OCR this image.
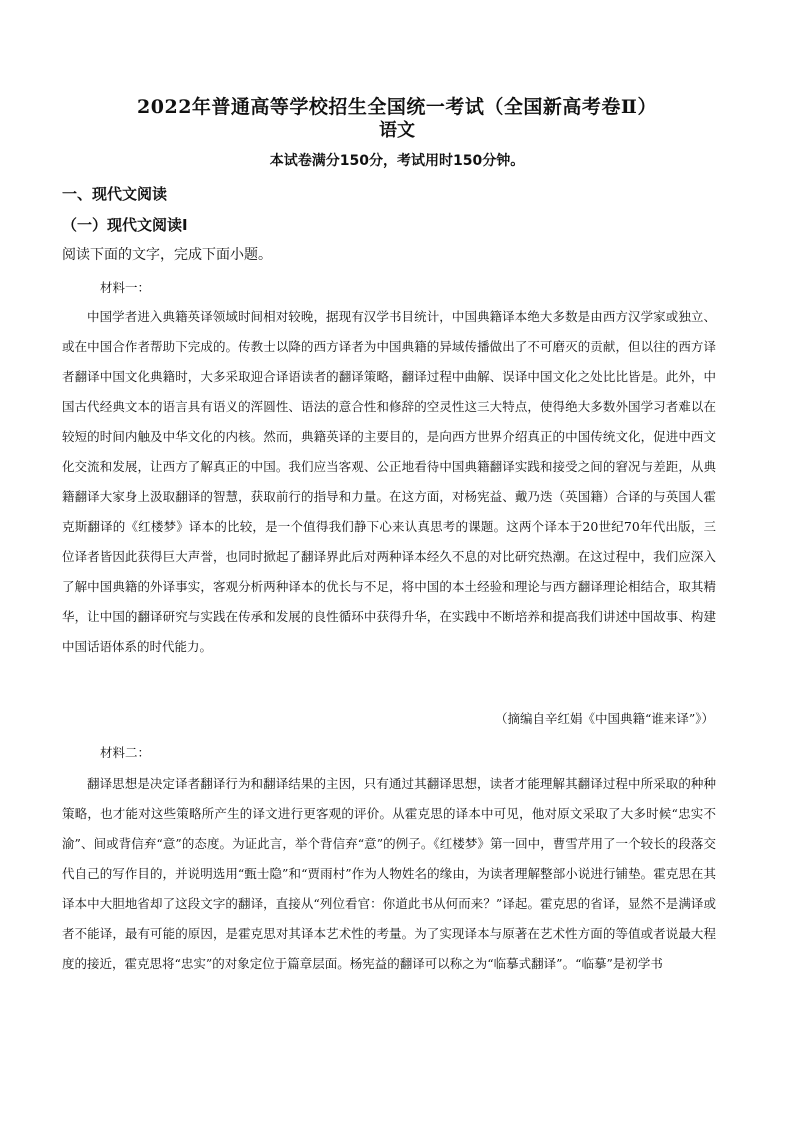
2022年普通高等学校招生全国统一考试（全国新高考卷Ⅱ）
语文
本试卷满分150分，考试用时150分钟。
一、现代文阅读
（一）现代文阅读Ⅰ
阅读下面的文字，完成下面小题。
材料一：

中国学者进入典籍英译领域时间相对较晚，据现有汉学书目统计，中国典籍译本绝大多数是由西方汉学家或独立、或在中国合作者帮助下完成的。传教士以降的西方译者为中国典籍的异域传播做出了不可磨灭的贡献，但以往的西方译者翻译中国文化典籍时，大多采取迎合译语读者的翻译策略，翻译过程中曲解、误译中国文化之处比比皆是。此外，中国古代经典文本的语言具有语义的浑圆性、语法的意合性和修辞的空灵性这三大特点，使得绝大多数外国学习者难以在较短的时间内触及中华文化的内核。然而，典籍英译的主要目的，是向西方世界介绍真正的中国传统文化，促进中西文化交流和发展，让西方了解真正的中国。我们应当客观、公正地看待中国典籍翻译实践和接受之间的窘况与差距，从典籍翻译大家身上汲取翻译的智慧，获取前行的指导和力量。在这方面，对杨宪益、戴乃迭（英国籍）合译的与英国人霍克斯翻译的《红楼梦》译本的比较，是一个值得我们静下心来认真思考的课题。这两个译本于20世纪70年代出版，三位译者皆因此获得巨大声誉，也同时掀起了翻译界此后对两种译本经久不息的对比研究热潮。在这过程中，我们应深入了解中国典籍的外译事实，客观分析两种译本的优长与不足，将中国的本土经验和理论与西方翻译理论相结合，取其精华，让中国的翻译研究与实践在传承和发展的良性循环中获得升华，在实践中不断培养和提高我们讲述中国故事、构建中国话语体系的时代能力。

（摘编自辛红娟《中国典籍“谁来译”》）
材料二：

翻译思想是决定译者翻译行为和翻译结果的主因，只有通过其翻译思想，读者才能理解其翻译过程中所采取的种种策略，也才能对这些策略所产生的译文进行更客观的评价。从霍克思的译本中可见，他对原文采取了大多时候“忠实不渝”、间或背信弃“意”的态度。为证此言，举个背信弃“意”的例子。《红楼梦》第一回中，曹雪芹用了一个较长的段落交代自己的写作目的，并说明选用“甄士隐”和“贾雨村”作为人物姓名的缘由，为读者理解整部小说进行铺垫。霍克思在其译本中大胆地省却了这段文字的翻译，直接从“列位看官：你道此书从何而来？”译起。霍克思的省译，显然不是满译或者不能译，最有可能的原因，是霍克思对其译本艺术性的考量。为了实现译本与原著在艺术性方面的等值或者说最大程度的接近，霍克思将“忠实”的对象定位于篇章层面。杨宪益的翻译可以称之为“临摹式翻译”。“临摹”是初学书
